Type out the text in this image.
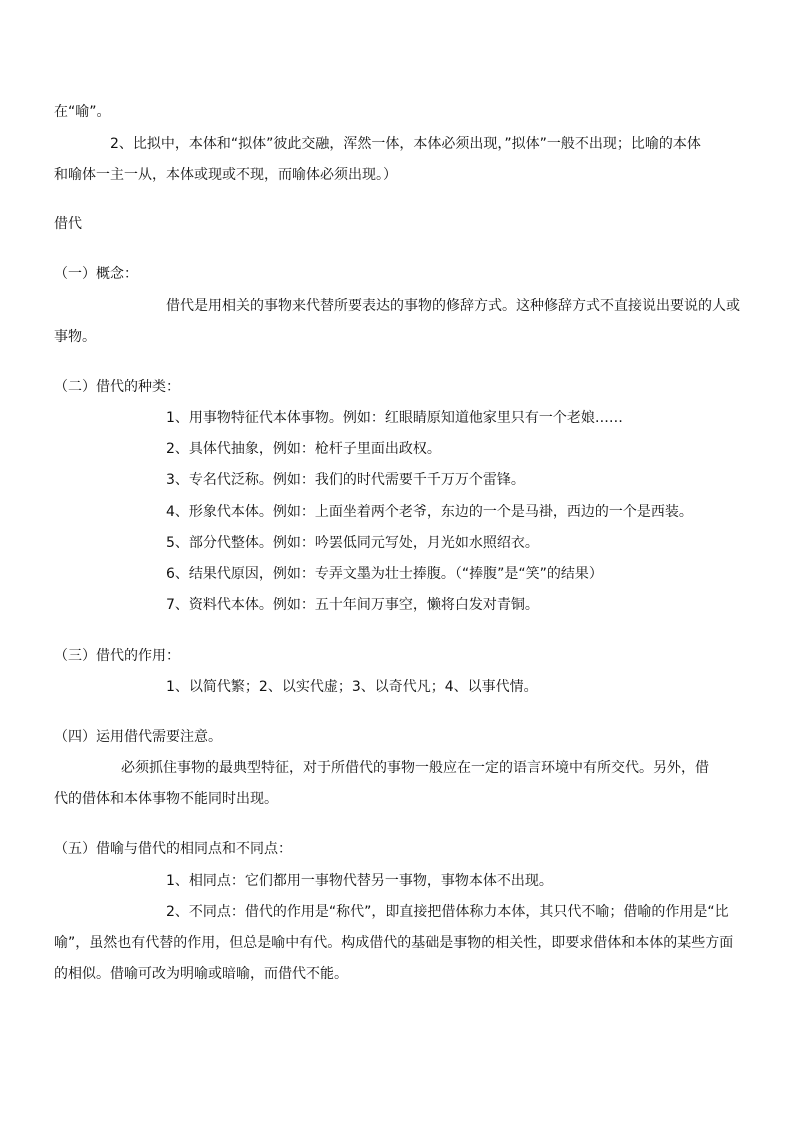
在“喻”。
2、比拟中，本体和“拟体”彼此交融，浑然一体，本体必须出现，”拟体”一般不出现；比喻的本体
和喻体一主一从，本体或现或不现，而喻体必须出现。）
借代
（一）概念：
借代是用相关的事物来代替所要表达的事物的修辞方式。这种修辞方式不直接说出要说的人或
事物。
（二）借代的种类：
1、用事物特征代本体事物。例如：红眼睛原知道他家里只有一个老娘……
2、具体代抽象，例如：枪杆子里面出政权。
3、专名代泛称。例如：我们的时代需要千千万万个雷锋。
4、形象代本体。例如：上面坐着两个老爷，东边的一个是马褂，西边的一个是西装。
5、部分代整体。例如：吟罢低同元写处，月光如水照绍衣。
6、结果代原因，例如：专弄文墨为壮士捧腹。（“捧腹”是“笑”的结果）
7、资料代本体。例如：五十年间万事空，懒将白发对青铜。
（三）借代的作用：
1、以简代繁；2、以实代虚；3、以奇代凡；4、以事代情。
（四）运用借代需要注意。
必须抓住事物的最典型特征，对于所借代的事物一般应在一定的语言环境中有所交代。另外，借
代的借体和本体事物不能同时出现。
（五）借喻与借代的相同点和不同点：
1、相同点：它们都用一事物代替另一事物，事物本体不出现。
2、不同点：借代的作用是“称代”，即直接把借体称力本体，其只代不喻；借喻的作用是“比
喻”，虽然也有代替的作用，但总是喻中有代。构成借代的基础是事物的相关性，即要求借体和本体的某些方面
的相似。借喻可改为明喻或暗喻，而借代不能。
